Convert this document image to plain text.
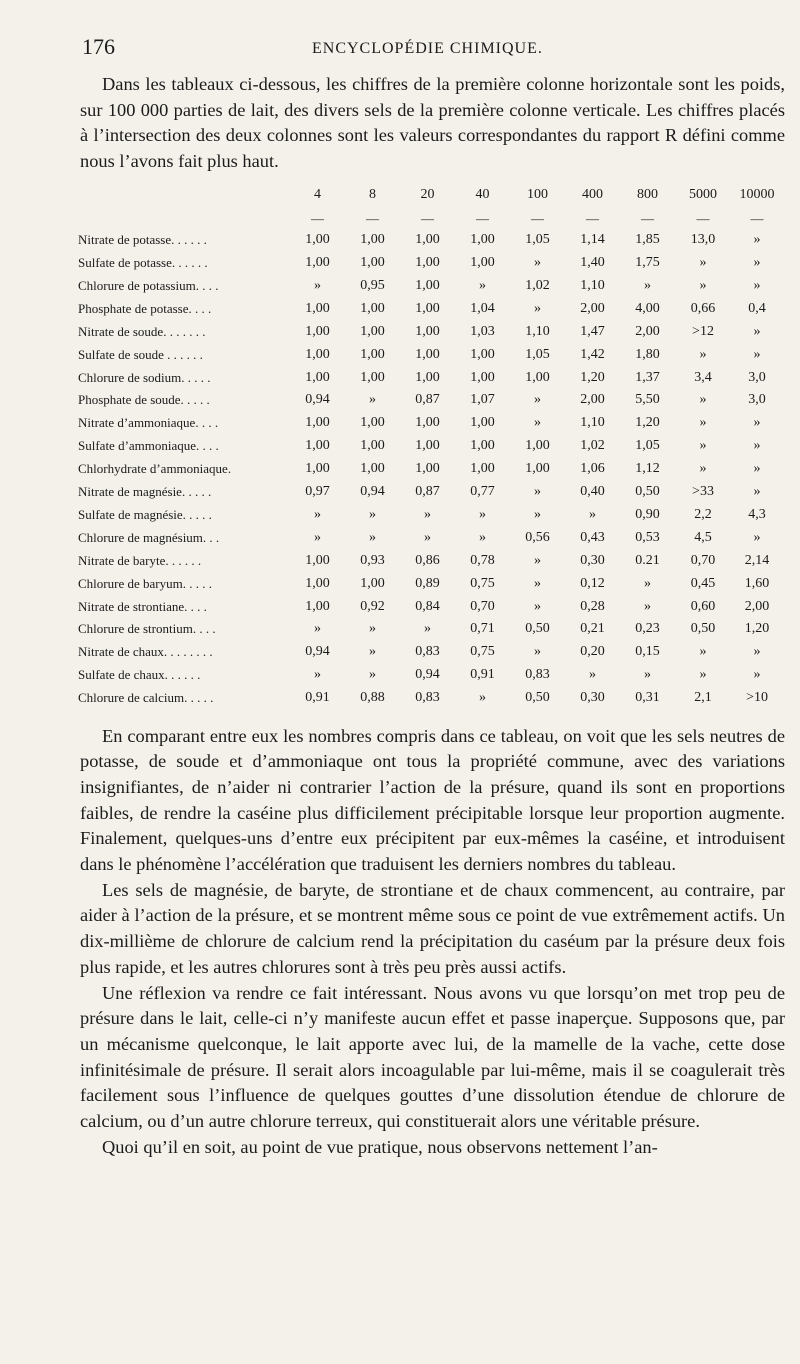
176	ENCYCLOPÉDIE CHIMIQUE.

Dans les tableaux ci-dessous, les chiffres de la première colonne horizontale sont les poids, sur 100 000 parties de lait, des divers sels de la première colonne verticale. Les chiffres placés à l’intersection des deux colonnes sont les valeurs correspondantes du rapport R défini comme nous l’avons fait plus haut.

	4	8	20	40	100	400	800	5000	10000
	—	—	—	—	—	—	—	—	—
Nitrate de potasse. . . . . .	1,00	1,00	1,00	1,00	1,05	1,14	1,85	13,0	»
Sulfate de potasse. . . . . .	1,00	1,00	1,00	1,00	»	1,40	1,75	»	»
Chlorure de potassium. . . .	»	0,95	1,00	»	1,02	1,10	»	»	»
Phosphate de potasse. . . .	1,00	1,00	1,00	1,04	»	2,00	4,00	0,66	0,4
Nitrate de soude. . . . . . .	1,00	1,00	1,00	1,03	1,10	1,47	2,00	>12	»
Sulfate de soude . . . . . .	1,00	1,00	1,00	1,00	1,05	1,42	1,80	»	»
Chlorure de sodium. . . . .	1,00	1,00	1,00	1,00	1,00	1,20	1,37	3,4	3,0
Phosphate de soude. . . . .	0,94	»	0,87	1,07	»	2,00	5,50	»	3,0
Nitrate d’ammoniaque. . . .	1,00	1,00	1,00	1,00	»	1,10	1,20	»	»
Sulfate d’ammoniaque. . . .	1,00	1,00	1,00	1,00	1,00	1,02	1,05	»	»
Chlorhydrate d’ammoniaque.	1,00	1,00	1,00	1,00	1,00	1,06	1,12	»	»
Nitrate de magnésie. . . . .	0,97	0,94	0,87	0,77	»	0,40	0,50	>33	»
Sulfate de magnésie. . . . .	»	»	»	»	»	»	0,90	2,2	4,3
Chlorure de magnésium. . .	»	»	»	»	0,56	0,43	0,53	4,5	»
Nitrate de baryte. . . . . .	1,00	0,93	0,86	0,78	»	0,30	0.21	0,70	2,14
Chlorure de baryum. . . . .	1,00	1,00	0,89	0,75	»	0,12	»	0,45	1,60
Nitrate de strontiane. . . .	1,00	0,92	0,84	0,70	»	0,28	»	0,60	2,00
Chlorure de strontium. . . .	»	»	»	0,71	0,50	0,21	0,23	0,50	1,20
Nitrate de chaux. . . . . . . .	0,94	»	0,83	0,75	»	0,20	0,15	»	»
Sulfate de chaux. . . . . .	»	»	0,94	0,91	0,83	»	»	»	»
Chlorure de calcium. . . . .	0,91	0,88	0,83	»	0,50	0,30	0,31	2,1	>10

En comparant entre eux les nombres compris dans ce tableau, on voit que les sels neutres de potasse, de soude et d’ammoniaque ont tous la propriété commune, avec des variations insignifiantes, de n’aider ni contrarier l’action de la présure, quand ils sont en proportions faibles, de rendre la caséine plus difficilement précipitable lorsque leur proportion augmente. Finalement, quelques-uns d’entre eux précipitent par eux-mêmes la caséine, et introduisent dans le phénomène l’accélération que traduisent les derniers nombres du tableau.

Les sels de magnésie, de baryte, de strontiane et de chaux commencent, au contraire, par aider à l’action de la présure, et se montrent même sous ce point de vue extrêmement actifs. Un dix-millième de chlorure de calcium rend la précipitation du caséum par la présure deux fois plus rapide, et les autres chlorures sont à très peu près aussi actifs.

Une réflexion va rendre ce fait intéressant. Nous avons vu que lorsqu’on met trop peu de présure dans le lait, celle-ci n’y manifeste aucun effet et passe inaperçue. Supposons que, par un mécanisme quelconque, le lait apporte avec lui, de la mamelle de la vache, cette dose infinitésimale de présure. Il serait alors incoagulable par lui-même, mais il se coagulerait très facilement sous l’influence de quelques gouttes d’une dissolution étendue de chlorure de calcium, ou d’un autre chlorure terreux, qui constituerait alors une véritable présure.

Quoi qu’il en soit, au point de vue pratique, nous observons nettement l’an-
